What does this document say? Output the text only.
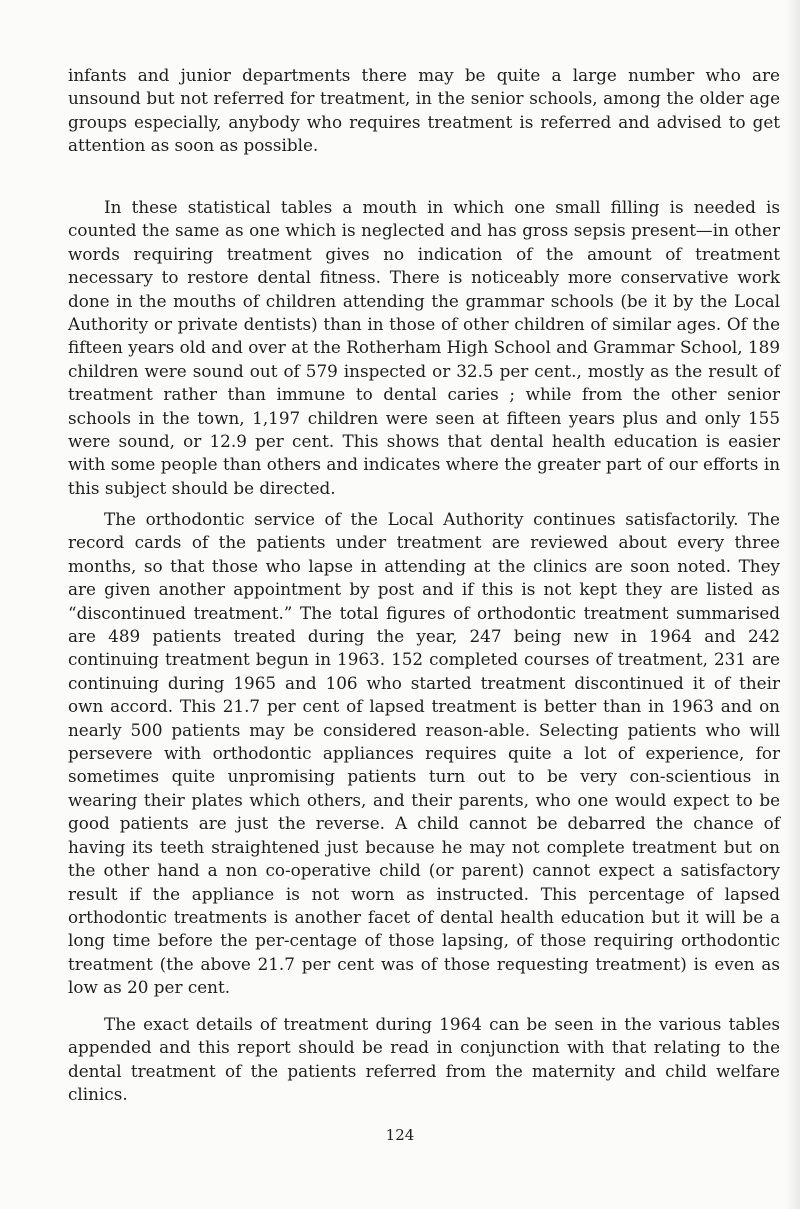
infants and junior departments there may be quite a large number who are unsound but not referred for treatment, in the senior schools, among the older age groups especially, anybody who requires treatment is referred and advised to get attention as soon as possible.

In these statistical tables a mouth in which one small filling is needed is counted the same as one which is neglected and has gross sepsis present—in other words requiring treatment gives no indication of the amount of treatment necessary to restore dental fitness. There is noticeably more conservative work done in the mouths of children attending the grammar schools (be it by the Local Authority or private dentists) than in those of other children of similar ages. Of the fifteen years old and over at the Rotherham High School and Grammar School, 189 children were sound out of 579 inspected or 32.5 per cent., mostly as the result of treatment rather than immune to dental caries ; while from the other senior schools in the town, 1,197 children were seen at fifteen years plus and only 155 were sound, or 12.9 per cent. This shows that dental health education is easier with some people than others and indicates where the greater part of our efforts in this subject should be directed.

The orthodontic service of the Local Authority continues satisfactorily. The record cards of the patients under treatment are reviewed about every three months, so that those who lapse in attending at the clinics are soon noted. They are given another appointment by post and if this is not kept they are listed as “discontinued treatment.” The total figures of orthodontic treatment summarised are 489 patients treated during the year, 247 being new in 1964 and 242 continuing treatment begun in 1963. 152 completed courses of treatment, 231 are continuing during 1965 and 106 who started treatment discontinued it of their own accord. This 21.7 per cent of lapsed treatment is better than in 1963 and on nearly 500 patients may be considered reason-able. Selecting patients who will persevere with orthodontic appliances requires quite a lot of experience, for sometimes quite unpromising patients turn out to be very con-scientious in wearing their plates which others, and their parents, who one would expect to be good patients are just the reverse. A child cannot be debarred the chance of having its teeth straightened just because he may not complete treatment but on the other hand a non co-operative child (or parent) cannot expect a satisfactory result if the appliance is not worn as instructed. This percentage of lapsed orthodontic treatments is another facet of dental health education but it will be a long time before the per-centage of those lapsing, of those requiring orthodontic treatment (the above 21.7 per cent was of those requesting treatment) is even as low as 20 per cent.

The exact details of treatment during 1964 can be seen in the various tables appended and this report should be read in conjunction with that relating to the dental treatment of the patients referred from the maternity and child welfare clinics.

124
